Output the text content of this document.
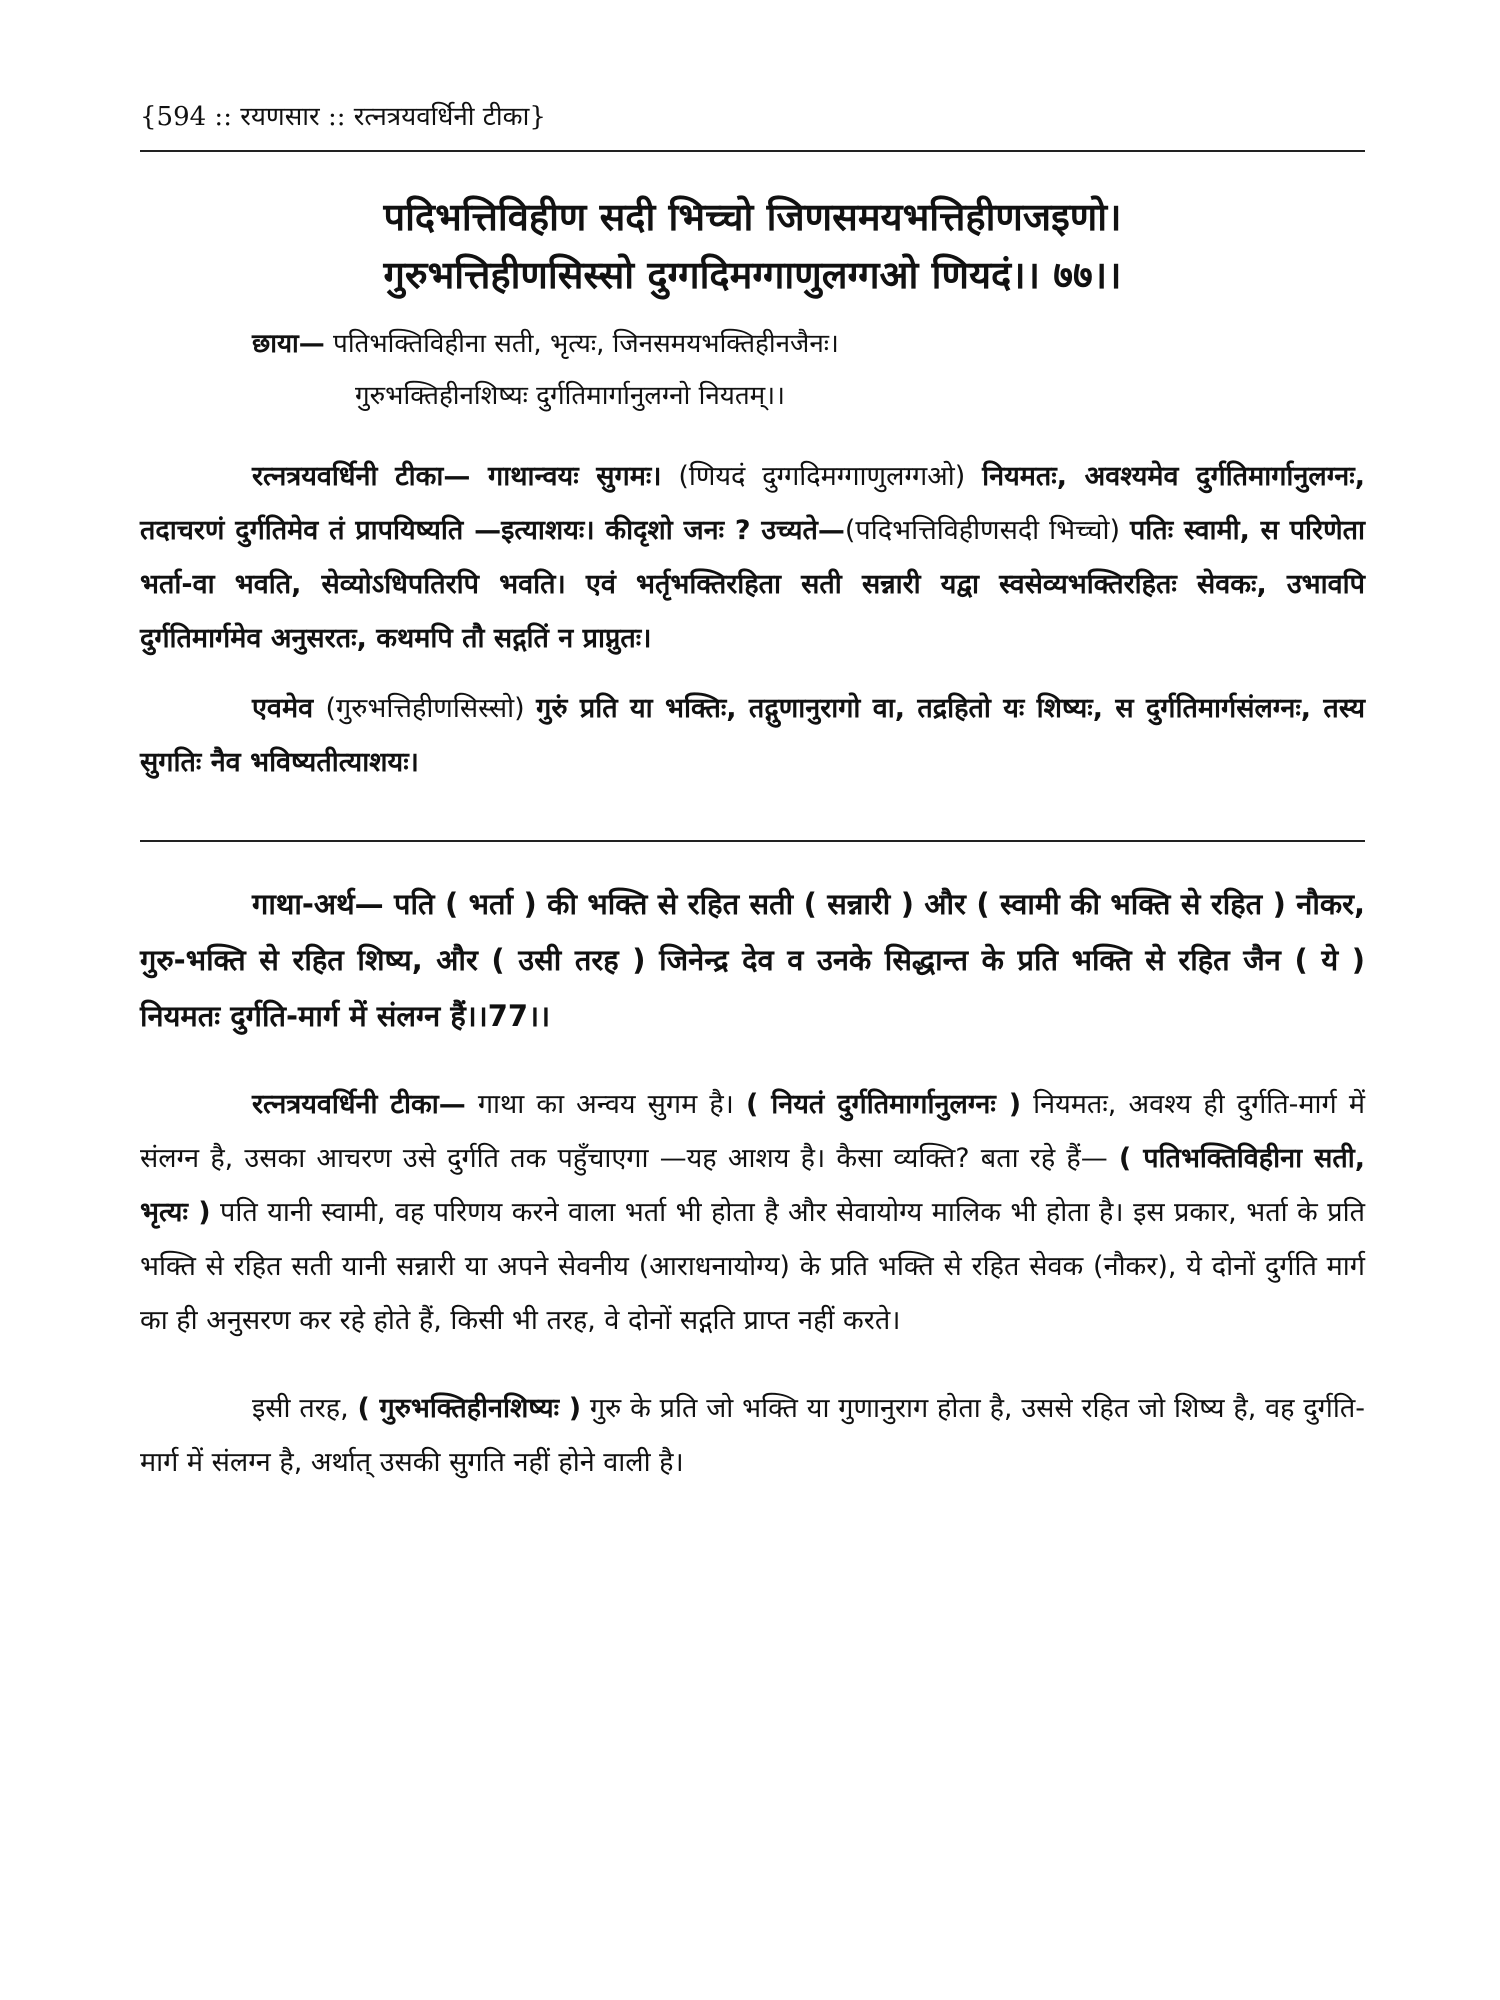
{594 :: रयणसार :: रत्नत्रयवर्धिनी टीका}
पदिभत्तिविहीण सदी भिच्चो जिणसमयभत्तिहीणजइणो।
गुरुभत्तिहीणसिस्सो दुग्गदिमग्गाणुलग्गओ णियदं।। ७७।।
छाया— पतिभक्तिविहीना सती, भृत्यः, जिनसमयभक्तिहीनजैनः।
गुरुभक्तिहीनशिष्यः दुर्गतिमार्गानुलग्नो नियतम्।।

रत्नत्रयवर्धिनी टीका— गाथान्वयः सुगमः। (णियदं दुग्गदिमग्गाणुलग्गओ) नियमतः, अवश्यमेव दुर्गतिमार्गानुलग्नः, तदाचरणं दुर्गतिमेव तं प्रापयिष्यति —इत्याशयः। कीदृशो जनः ? उच्यते—(पदिभत्तिविहीणसदी भिच्चो) पतिः स्वामी, स परिणेता भर्ता-वा भवति, सेव्योऽधिपतिरपि भवति। एवं भर्तृभक्तिरहिता सती सन्नारी यद्वा स्वसेव्यभक्तिरहितः सेवकः, उभावपि दुर्गतिमार्गमेव अनुसरतः, कथमपि तौ सद्गतिं न प्राप्नुतः।

एवमेव (गुरुभत्तिहीणसिस्सो) गुरुं प्रति या भक्तिः, तद्गुणानुरागो वा, तद्रहितो यः शिष्यः, स दुर्गतिमार्गसंलग्नः, तस्य सुगतिः नैव भविष्यतीत्याशयः।

गाथा-अर्थ— पति ( भर्ता ) की भक्ति से रहित सती ( सन्नारी ) और ( स्वामी की भक्ति से रहित ) नौकर, गुरु-भक्ति से रहित शिष्य, और ( उसी तरह ) जिनेन्द्र देव व उनके सिद्धान्त के प्रति भक्ति से रहित जैन ( ये ) नियमतः दुर्गति-मार्ग में संलग्न हैं।।77।।

रत्नत्रयवर्धिनी टीका— गाथा का अन्वय सुगम है। ( नियतं दुर्गतिमार्गानुलग्नः ) नियमतः, अवश्य ही दुर्गति-मार्ग में संलग्न है, उसका आचरण उसे दुर्गति तक पहुँचाएगा —यह आशय है। कैसा व्यक्ति? बता रहे हैं— ( पतिभक्तिविहीना सती, भृत्यः ) पति यानी स्वामी, वह परिणय करने वाला भर्ता भी होता है और सेवायोग्य मालिक भी होता है। इस प्रकार, भर्ता के प्रति भक्ति से रहित सती यानी सन्नारी या अपने सेवनीय (आराधनायोग्य) के प्रति भक्ति से रहित सेवक (नौकर), ये दोनों दुर्गति मार्ग का ही अनुसरण कर रहे होते हैं, किसी भी तरह, वे दोनों सद्गति प्राप्त नहीं करते।

इसी तरह, ( गुरुभक्तिहीनशिष्यः ) गुरु के प्रति जो भक्ति या गुणानुराग होता है, उससे रहित जो शिष्य है, वह दुर्गति-मार्ग में संलग्न है, अर्थात् उसकी सुगति नहीं होने वाली है।
